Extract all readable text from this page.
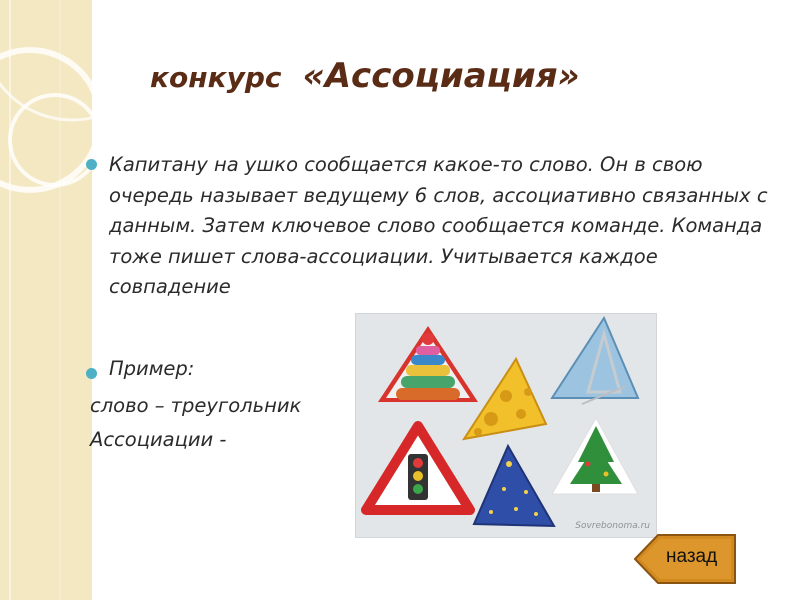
конкурс «Ассоциация»
Капитану на ушко сообщается какое-то слово. Он в свою очередь называет ведущему 6 слов, ассоциативно связанных с данным. Затем ключевое слово сообщается команде. Команда тоже пишет слова-ассоциации. Учитывается каждое совпадение
Пример:
слово – треугольник
Ассоциации -
Sovrebonoma.ru
назад
